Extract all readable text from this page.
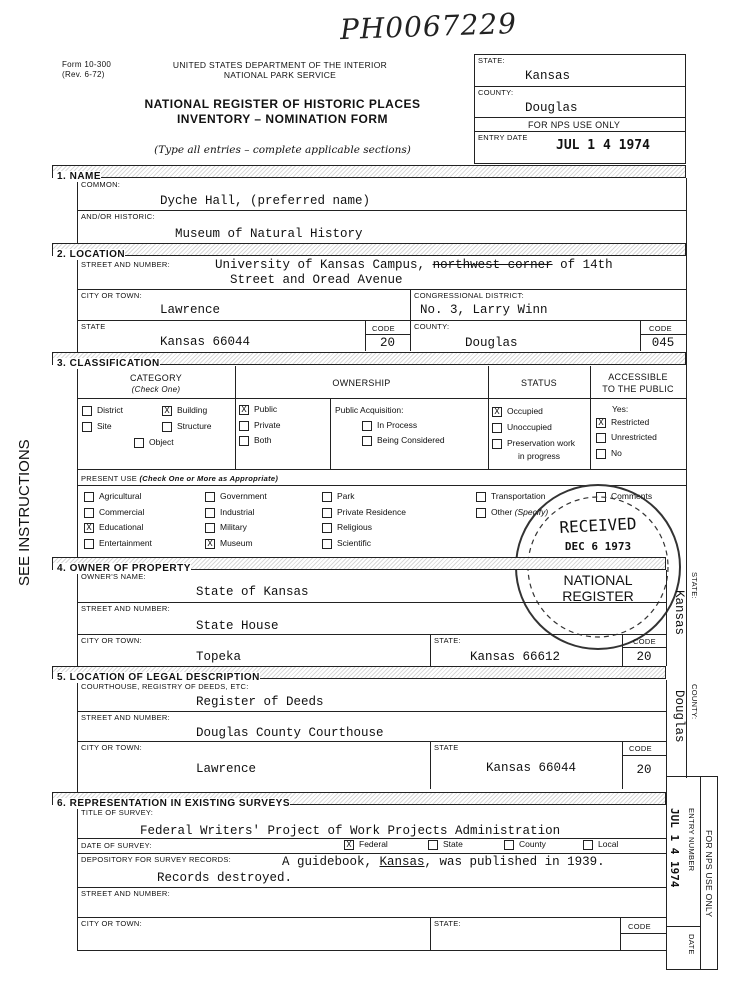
PH0067229
Form 10-300
(Rev. 6-72)
UNITED STATES DEPARTMENT OF THE INTERIOR
NATIONAL PARK SERVICE
NATIONAL REGISTER OF HISTORIC PLACES
INVENTORY – NOMINATION FORM
(Type all entries – complete applicable sections)
STATE:
Kansas
COUNTY:
Douglas
FOR NPS USE ONLY
ENTRY DATE
JUL 1 4 1974
SEE INSTRUCTIONS
1. NAME
COMMON:
Dyche Hall, (preferred name)
AND/OR HISTORIC:
Museum of Natural History
2. LOCATION
STREET AND NUMBER:	University of Kansas Campus, northwest corner of 14th
Street and Oread Avenue
CITY OR TOWN:
Lawrence
CONGRESSIONAL DISTRICT:
No. 3, Larry Winn
STATE
Kansas 66044
CODE
20
COUNTY:
Douglas
CODE
045
3. CLASSIFICATION
CATEGORY
(Check One)
OWNERSHIP	STATUS
ACCESSIBLE
TO THE PUBLIC
District	X Building
Site	Structure
Object
X Public
Private
Both
Public Acquisition:
In Process
Being Considered
X Occupied
Unoccupied
Preservation work
in progress
Yes:
X Restricted
Unrestricted
No
PRESENT USE (Check One or More as Appropriate)
Agricultural
Commercial
X Educational
Entertainment
Government
Industrial
Military
X Museum
Park
Private Residence
Religious
Scientific
Transportation
Other (Specify)
Comments
RECEIVED
DEC 6 1973
NATIONAL
REGISTER
4. OWNER OF PROPERTY
OWNER'S NAME:
State of Kansas
STREET AND NUMBER:
State House
CITY OR TOWN:
Topeka
STATE:
Kansas 66612
CODE
20
STATE:
Kansas
5. LOCATION OF LEGAL DESCRIPTION
COURTHOUSE, REGISTRY OF DEEDS, ETC:
Register of Deeds
STREET AND NUMBER:
Douglas County Courthouse
CITY OR TOWN:
Lawrence
STATE
Kansas 66044
CODE
20
COUNTY:
Douglas
6. REPRESENTATION IN EXISTING SURVEYS
TITLE OF SURVEY:
Federal Writers' Project of Work Projects Administration
DATE OF SURVEY:	X Federal	State	County	Local
DEPOSITORY FOR SURVEY RECORDS:	A guidebook, Kansas, was published in 1939.
Records destroyed.
STREET AND NUMBER:
CITY OR TOWN:	STATE:	CODE
FOR NPS USE ONLY
ENTRY NUMBER
DATE
JUL 1 4 1974
